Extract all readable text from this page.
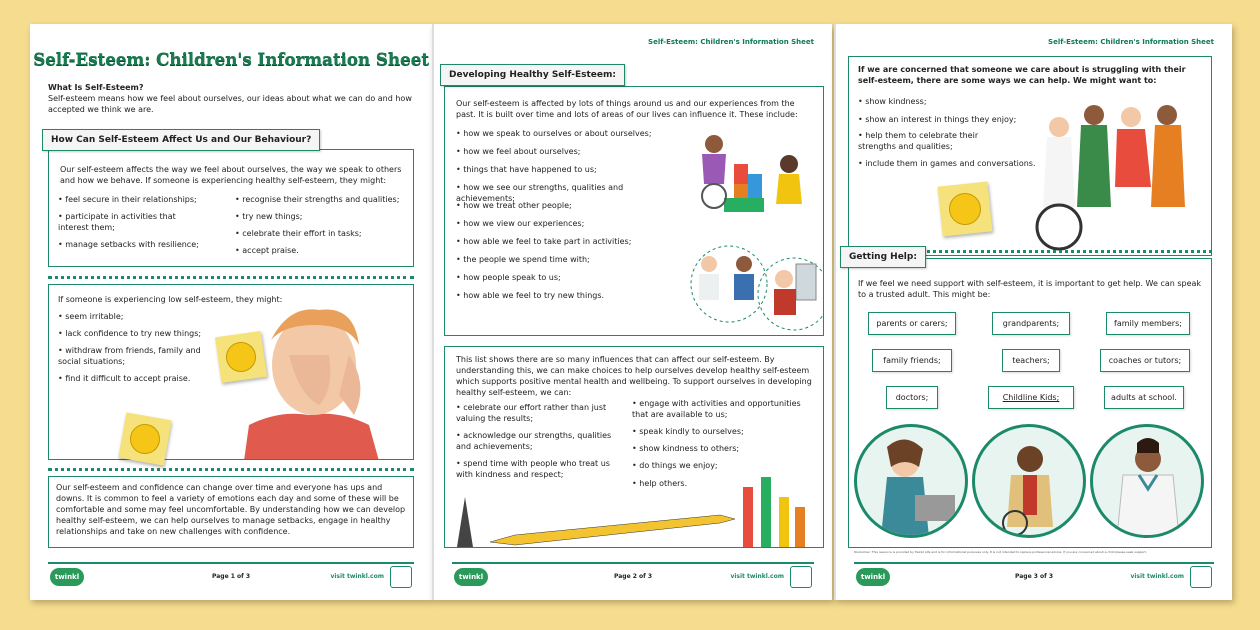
Self-Esteem: Children's Information Sheet
What Is Self-Esteem?
Self-esteem means how we feel about ourselves, our ideas about what we can do and how accepted we think we are.
How Can Self-Esteem Affect Us and Our Behaviour?
Our self-esteem affects the way we feel about ourselves, the way we speak to others and how we behave. If someone is experiencing healthy self-esteem, they might:
• feel secure in their relationships;
• participate in activities that interest them;
• manage setbacks with resilience;
• recognise their strengths and qualities;
• try new things;
• celebrate their effort in tasks;
• accept praise.
If someone is experiencing low self-esteem, they might:
• seem irritable;
• lack confidence to try new things;
• withdraw from friends, family and social situations;
• find it difficult to accept praise.
Our self-esteem and confidence can change over time and everyone has ups and downs. It is common to feel a variety of emotions each day and some of these will be comfortable and some may feel uncomfortable. By understanding how we can develop healthy self-esteem, we can help ourselves to manage setbacks, engage in healthy relationships and take on new challenges with confidence.
twinkl LIFE
Page 1 of 3	visit twinkl.com
Self-Esteem: Children's Information Sheet
Developing Healthy Self-Esteem:
Our self-esteem is affected by lots of things around us and our experiences from the past. It is built over time and lots of areas of our lives can influence it. These include:
• how we speak to ourselves or about ourselves;
• how we feel about ourselves;
• things that have happened to us;
• how we see our strengths, qualities and achievements;
• how we treat other people;
• how we view our experiences;
• how able we feel to take part in activities;
• the people we spend time with;
• how people speak to us;
• how able we feel to try new things.
This list shows there are so many influences that can affect our self-esteem. By understanding this, we can make choices to help ourselves develop healthy self-esteem which supports positive mental health and wellbeing. To support ourselves in developing healthy self-esteem, we can:
• celebrate our effort rather than just valuing the results;
• acknowledge our strengths, qualities and achievements;
• spend time with people who treat us with kindness and respect;
• engage with activities and opportunities that are available to us;
• speak kindly to ourselves;
• show kindness to others;
• do things we enjoy;
• help others.
twinkl LIFE
Page 2 of 3	visit twinkl.com
Self-Esteem: Children's Information Sheet
If we are concerned that someone we care about is struggling with their self-esteem, there are some ways we can help. We might want to:
• show kindness;
• show an interest in things they enjoy;
• help them to celebrate their strengths and qualities;
• include them in games and conversations.
Getting Help:
If we feel we need support with self-esteem, it is important to get help. We can speak to a trusted adult. This might be:
parents or carers;	grandparents;	family members;
family friends;	teachers;	coaches or tutors;
doctors;	Childline Kids;	adults at school.
Disclaimer: This resource is provided by Twinkl Life and is for informational purposes only. It is not intended to replace professional advice. If you are concerned about a child please seek support.
twinkl LIFE
Page 3 of 3	visit twinkl.com
